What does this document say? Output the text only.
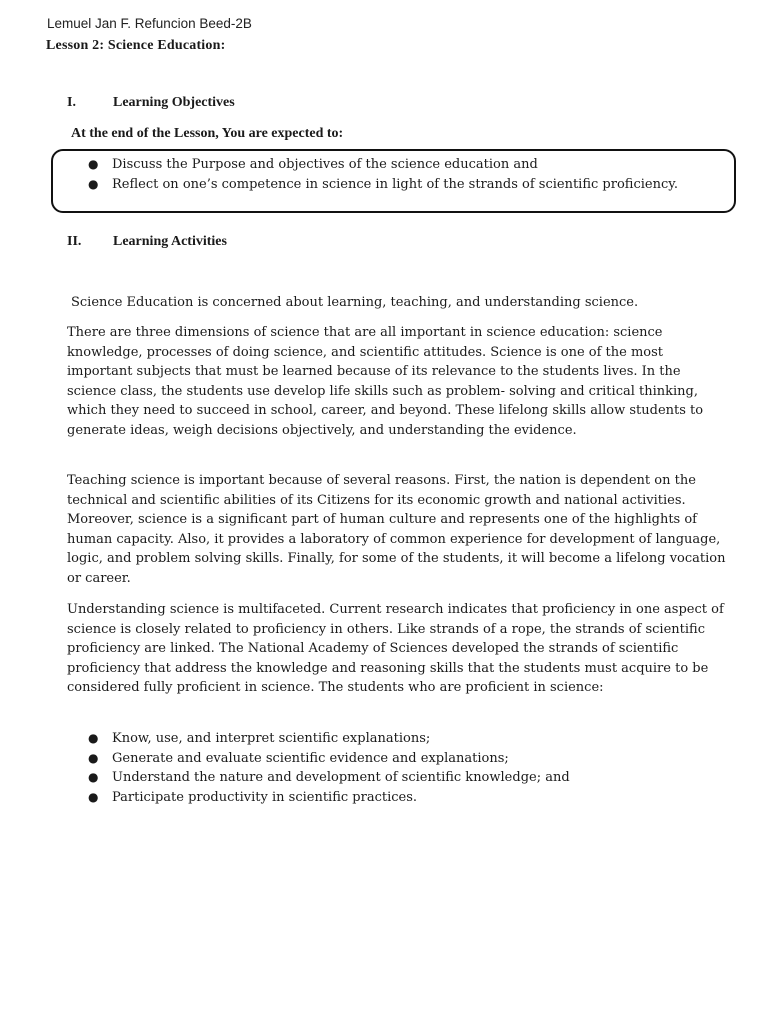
Lemuel Jan F. Refuncion Beed-2B
Lesson 2: Science Education:
I.	Learning Objectives
At the end of the Lesson, You are expected to:
● Discuss the Purpose and objectives of the science education and
● Reflect on one’s competence in science in light of the strands of scientific proficiency.
II. Learning Activities

Science Education is concerned about learning, teaching, and understanding science.

There are three dimensions of science that are all important in science education: science knowledge, processes of doing science, and scientific attitudes. Science is one of the most important subjects that must be learned because of its relevance to the students lives. In the science class, the students use develop life skills such as problem- solving and critical thinking, which they need to succeed in school, career, and beyond. These lifelong skills allow students to generate ideas, weigh decisions objectively, and understanding the evidence.

Teaching science is important because of several reasons. First, the nation is dependent on the technical and scientific abilities of its Citizens for its economic growth and national activities. Moreover, science is a significant part of human culture and represents one of the highlights of human capacity. Also, it provides a laboratory of common experience for development of language, logic, and problem solving skills. Finally, for some of the students, it will become a lifelong vocation or career.

Understanding science is multifaceted. Current research indicates that proficiency in one aspect of science is closely related to proficiency in others. Like strands of a rope, the strands of scientific proficiency are linked. The National Academy of Sciences developed the strands of scientific proficiency that address the knowledge and reasoning skills that the students must acquire to be considered fully proficient in science. The students who are proficient in science:

● Know, use, and interpret scientific explanations;
● Generate and evaluate scientific evidence and explanations;
● Understand the nature and development of scientific knowledge; and
● Participate productivity in scientific practices.
